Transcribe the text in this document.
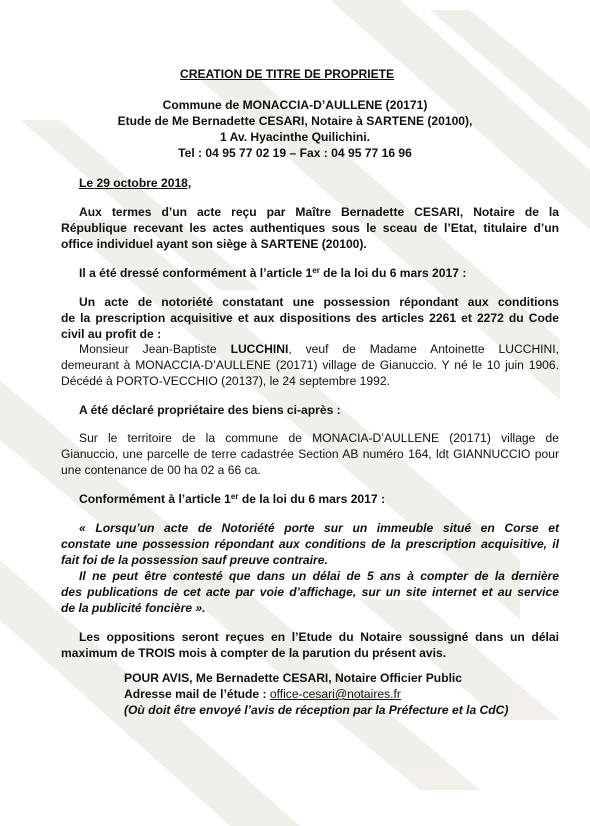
CREATION DE TITRE DE PROPRIETE
Commune de MONACCIA-D’AULLENE (20171)
Etude de Me Bernadette CESARI, Notaire à SARTENE (20100),
1 Av. Hyacinthe Quilichini.
Tel : 04 95 77 02 19 – Fax : 04 95 77 16 96
Le 29 octobre 2018,
Aux termes d’un acte reçu par Maître Bernadette CESARI, Notaire de la
République recevant les actes authentiques sous le sceau de l’Etat, titulaire d’un
office individuel ayant son siège à SARTENE (20100).
Il a été dressé conformément à l’article 1er de la loi du 6 mars 2017 :
Un acte de notoriété constatant une possession répondant aux conditions
de la prescription acquisitive et aux dispositions des articles 2261 et 2272 du Code
civil au profit de :
Monsieur Jean-Baptiste LUCCHINI, veuf de Madame Antoinette LUCCHINI,
demeurant à MONACCIA-D’AULLENE (20171) village de Gianuccio. Y né le 10 juin 1906.
Décédé à PORTO-VECCHIO (20137), le 24 septembre 1992.
A été déclaré propriétaire des biens ci-après :
Sur le territoire de la commune de MONACIA-D’AULLENE (20171) village de
Gianuccio, une parcelle de terre cadastrée Section AB numéro 164, ldt GIANNUCCIO pour
une contenance de 00 ha 02 a 66 ca.
Conformément à l’article 1er de la loi du 6 mars 2017 :
« Lorsqu’un acte de Notoriété porte sur un immeuble situé en Corse et
constate une possession répondant aux conditions de la prescription acquisitive, il
fait foi de la possession sauf preuve contraire.
Il ne peut être contesté que dans un délai de 5 ans à compter de la dernière
des publications de cet acte par voie d’affichage, sur un site internet et au service
de la publicité foncière ».
Les oppositions seront reçues en l’Etude du Notaire soussigné dans un délai
maximum de TROIS mois à compter de la parution du présent avis.
POUR AVIS, Me Bernadette CESARI, Notaire Officier Public
Adresse mail de l’étude : office-cesari@notaires.fr
(Où doit être envoyé l’avis de réception par la Préfecture et la CdC)
